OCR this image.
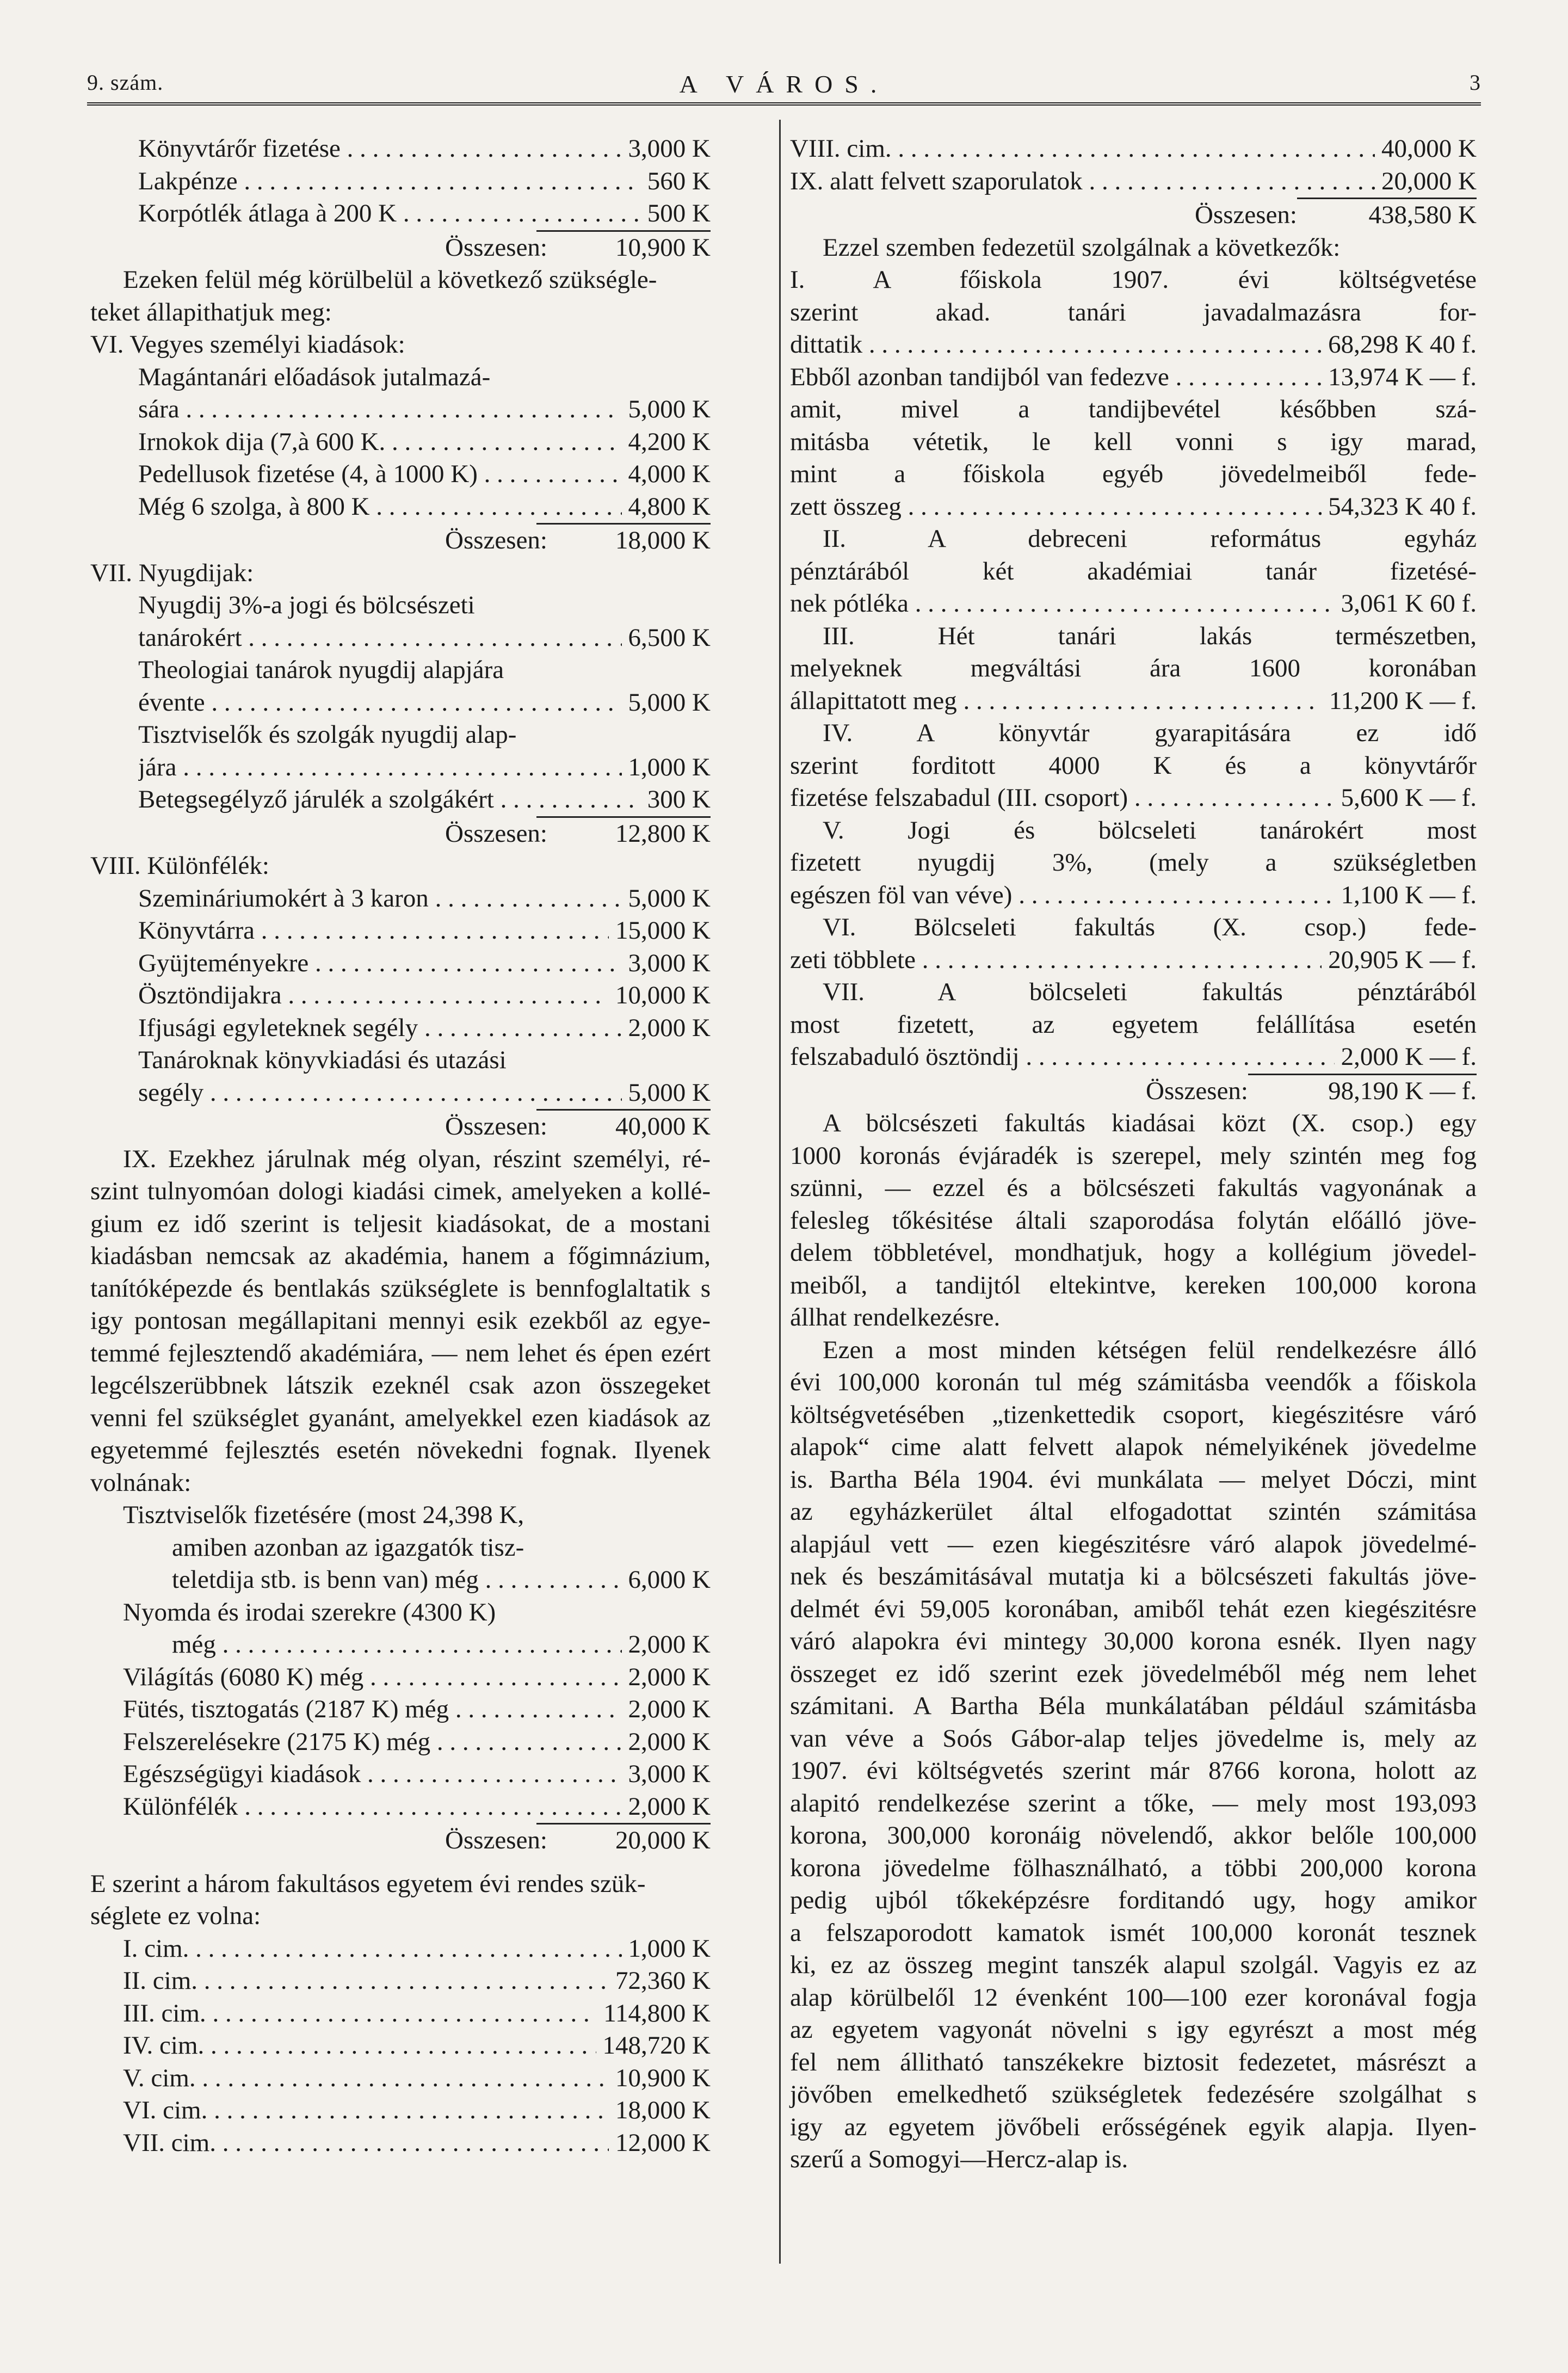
9. szám.	A VÁROS.	3
Könyvtárőr fizetése . . .	3,000 K
Lakpénze . . .	560 K
Korpótlék átlaga à 200 K . . .	500 K
Összesen:	10,900 K
Ezeken felül még körülbelül a következő szükségle-
teket állapithatjuk meg:
VI. Vegyes személyi kiadások:
Magántanári előadások jutalmazá-
sára . . .	5,000 K
Irnokok dija (7,à 600 K. . . .	4,200 K
Pedellusok fizetése (4, à 1000 K) . . .	4,000 K
Még 6 szolga, à 800 K . . .	4,800 K
Összesen:	18,000 K
VII. Nyugdijak:
Nyugdij 3%-a jogi és bölcsészeti
tanárokért . . .	6,500 K
Theologiai tanárok nyugdij alapjára
évente . . .	5,000 K
Tisztviselők és szolgák nyugdij alap-
jára . . .	1,000 K
Betegsegélyző járulék a szolgákért . . .	300 K
Összesen:	12,800 K
VIII. Különfélék:
Szemináriumokért à 3 karon . . .	5,000 K
Könyvtárra . . .	15,000 K
Gyüjteményekre . . .	3,000 K
Ösztöndijakra . . .	10,000 K
Ifjusági egyleteknek segély . . .	2,000 K
Tanároknak könyvkiadási és utazási
segély . . .	5,000 K
Összesen:	40,000 K
IX. Ezekhez járulnak még olyan, részint személyi, ré-
szint tulnyomóan dologi kiadási cimek, amelyeken a kollé-
gium ez idő szerint is teljesit kiadásokat, de a mostani
kiadásban nemcsak az akadémia, hanem a főgimnázium,
tanítóképezde és bentlakás szükséglete is bennfoglaltatik s
igy pontosan megállapitani mennyi esik ezekből az egye-
temmé fejlesztendő akadémiára, — nem lehet és épen ezért
legcélszerübbnek látszik ezeknél csak azon összegeket
venni fel szükséglet gyanánt, amelyekkel ezen kiadások az
egyetemmé fejlesztés esetén növekedni fognak. Ilyenek
volnának:
Tisztviselők fizetésére (most 24,398 K,
amiben azonban az igazgatók tisz-
teletdija stb. is benn van) még . . .	6,000 K
Nyomda és irodai szerekre (4300 K)
még . . .	2,000 K
Világítás (6080 K) még . . .	2,000 K
Fütés, tisztogatás (2187 K) még . . .	2,000 K
Felszerelésekre (2175 K) még . . .	2,000 K
Egészségügyi kiadások . . .	3,000 K
Különfélék . . .	2,000 K
Összesen:	20,000 K
E szerint a három fakultásos egyetem évi rendes szük-
séglete ez volna:
I. cim. . . .	1,000 K
II. cim. . . .	72,360 K
III. cim. . . .	114,800 K
IV. cim. . . .	148,720 K
V. cim. . . .	10,900 K
VI. cim. . . .	18,000 K
VII. cim. . . .	12,000 K
VIII. cim. . . .	40,000 K
IX. alatt felvett szaporulatok . . .	20,000 K
Összesen:	438,580 K
Ezzel szemben fedezetül szolgálnak a következők:
I. A főiskola 1907. évi költségvetése
szerint akad. tanári javadalmazásra for-
dittatik . . .	68,298 K 40 f.
Ebből azonban tandijból van fedezve . . .	13,974 K — f.
amit, mivel a tandijbevétel későbben szá-
mitásba vétetik, le kell vonni s igy marad,
mint a főiskola egyéb jövedelmeiből fede-
zett összeg . . .	54,323 K 40 f.
II. A debreceni református egyház
pénztárából két akadémiai tanár fizetésé-
nek pótléka . . .	3,061 K 60 f.
III. Hét tanári lakás természetben,
melyeknek megváltási ára 1600 koronában
állapittatott meg . . .	11,200 K — f.
IV. A könyvtár gyarapitására ez idő
szerint forditott 4000 K és a könyvtárőr
fizetése felszabadul (III. csoport) . . .	5,600 K — f.
V. Jogi és bölcseleti tanárokért most
fizetett nyugdij 3%, (mely a szükségletben
egészen föl van véve) . . .	1,100 K — f.
VI. Bölcseleti fakultás (X. csop.) fede-
zeti többlete . . .	20,905 K — f.
VII. A bölcseleti fakultás pénztárából
most fizetett, az egyetem felállítása esetén
felszabaduló ösztöndij . . .	2,000 K — f.
Összesen:	98,190 K — f.
A bölcsészeti fakultás kiadásai közt (X. csop.) egy
1000 koronás évjáradék is szerepel, mely szintén meg fog
szünni, — ezzel és a bölcsészeti fakultás vagyonának a
felesleg tőkésitése általi szaporodása folytán előálló jöve-
delem többletével, mondhatjuk, hogy a kollégium jövedel-
meiből, a tandijtól eltekintve, kereken 100,000 korona
állhat rendelkezésre.
Ezen a most minden kétségen felül rendelkezésre álló
évi 100,000 koronán tul még számitásba veendők a főiskola
költségvetésében „tizenkettedik csoport, kiegészitésre váró
alapok“ cime alatt felvett alapok némelyikének jövedelme
is. Bartha Béla 1904. évi munkálata — melyet Dóczi, mint
az egyházkerület által elfogadottat szintén számitása
alapjául vett — ezen kiegészitésre váró alapok jövedelmé-
nek és beszámitásával mutatja ki a bölcsészeti fakultás jöve-
delmét évi 59,005 koronában, amiből tehát ezen kiegészitésre
váró alapokra évi mintegy 30,000 korona esnék. Ilyen nagy
összeget ez idő szerint ezek jövedelméből még nem lehet
számitani. A Bartha Béla munkálatában például számitásba
van véve a Soós Gábor-alap teljes jövedelme is, mely az
1907. évi költségvetés szerint már 8766 korona, holott az
alapitó rendelkezése szerint a tőke, — mely most 193,093
korona, 300,000 koronáig növelendő, akkor belőle 100,000
korona jövedelme fölhasználható, a többi 200,000 korona
pedig ujból tőkeképzésre forditandó ugy, hogy amikor
a felszaporodott kamatok ismét 100,000 koronát tesznek
ki, ez az összeg megint tanszék alapul szolgál. Vagyis ez az
alap körülbelől 12 évenként 100—100 ezer koronával fogja
az egyetem vagyonát növelni s igy egyrészt a most még
fel nem állitható tanszékekre biztosit fedezetet, másrészt a
jövőben emelkedhető szükségletek fedezésére szolgálhat s
igy az egyetem jövőbeli erősségének egyik alapja. Ilyen-
szerű a Somogyi—Hercz-alap is.
